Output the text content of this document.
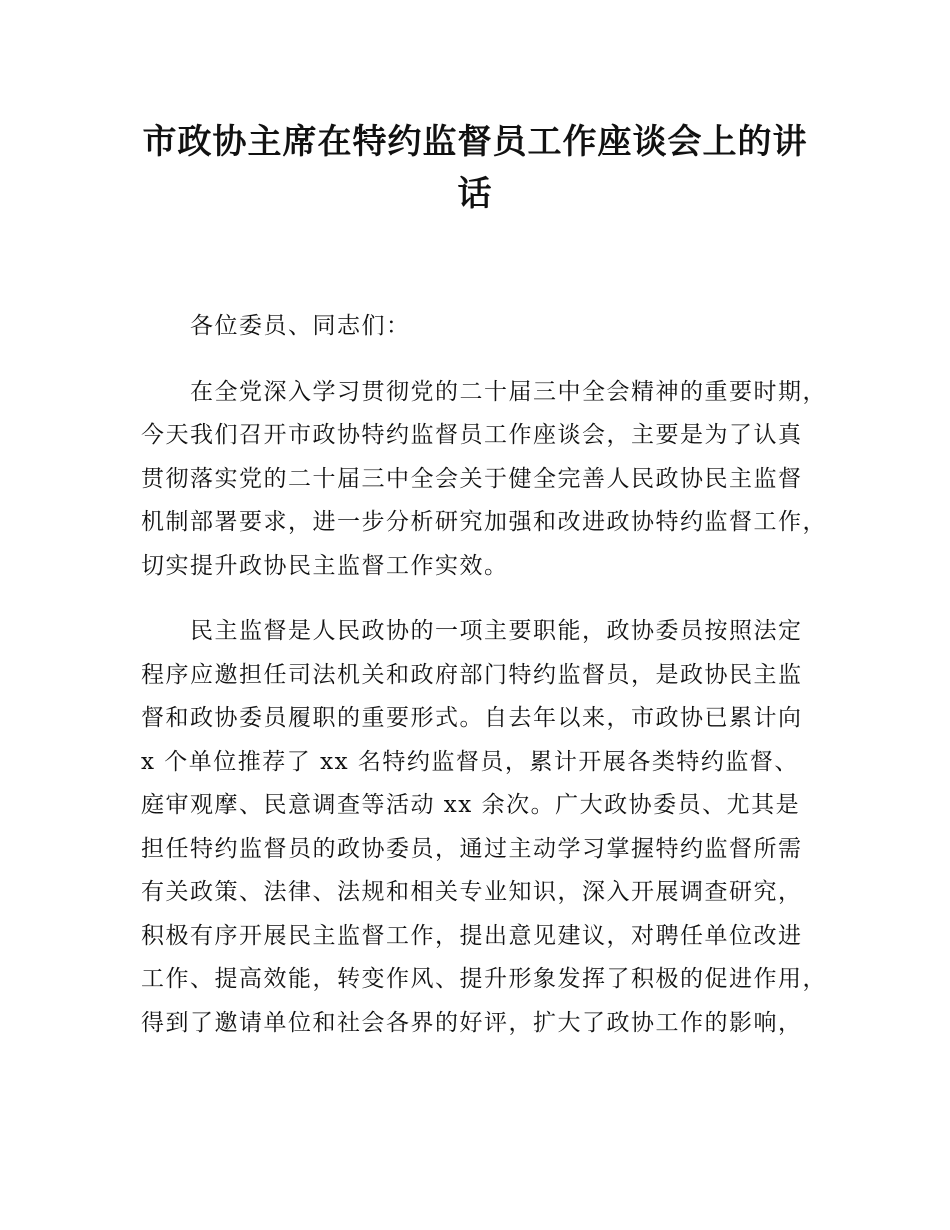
市政协主席在特约监督员工作座谈会上的讲
话
各位委员、同志们：
在全党深入学习贯彻党的二十届三中全会精神的重要时期，
今天我们召开市政协特约监督员工作座谈会，主要是为了认真
贯彻落实党的二十届三中全会关于健全完善人民政协民主监督
机制部署要求，进一步分析研究加强和改进政协特约监督工作，
切实提升政协民主监督工作实效。
民主监督是人民政协的一项主要职能，政协委员按照法定
程序应邀担任司法机关和政府部门特约监督员，是政协民主监
督和政协委员履职的重要形式。自去年以来，市政协已累计向
x 个单位推荐了 xx 名特约监督员，累计开展各类特约监督、
庭审观摩、民意调查等活动 xx 余次。广大政协委员、尤其是
担任特约监督员的政协委员，通过主动学习掌握特约监督所需
有关政策、法律、法规和相关专业知识，深入开展调查研究，
积极有序开展民主监督工作，提出意见建议，对聘任单位改进
工作、提高效能，转变作风、提升形象发挥了积极的促进作用，
得到了邀请单位和社会各界的好评，扩大了政协工作的影响，
